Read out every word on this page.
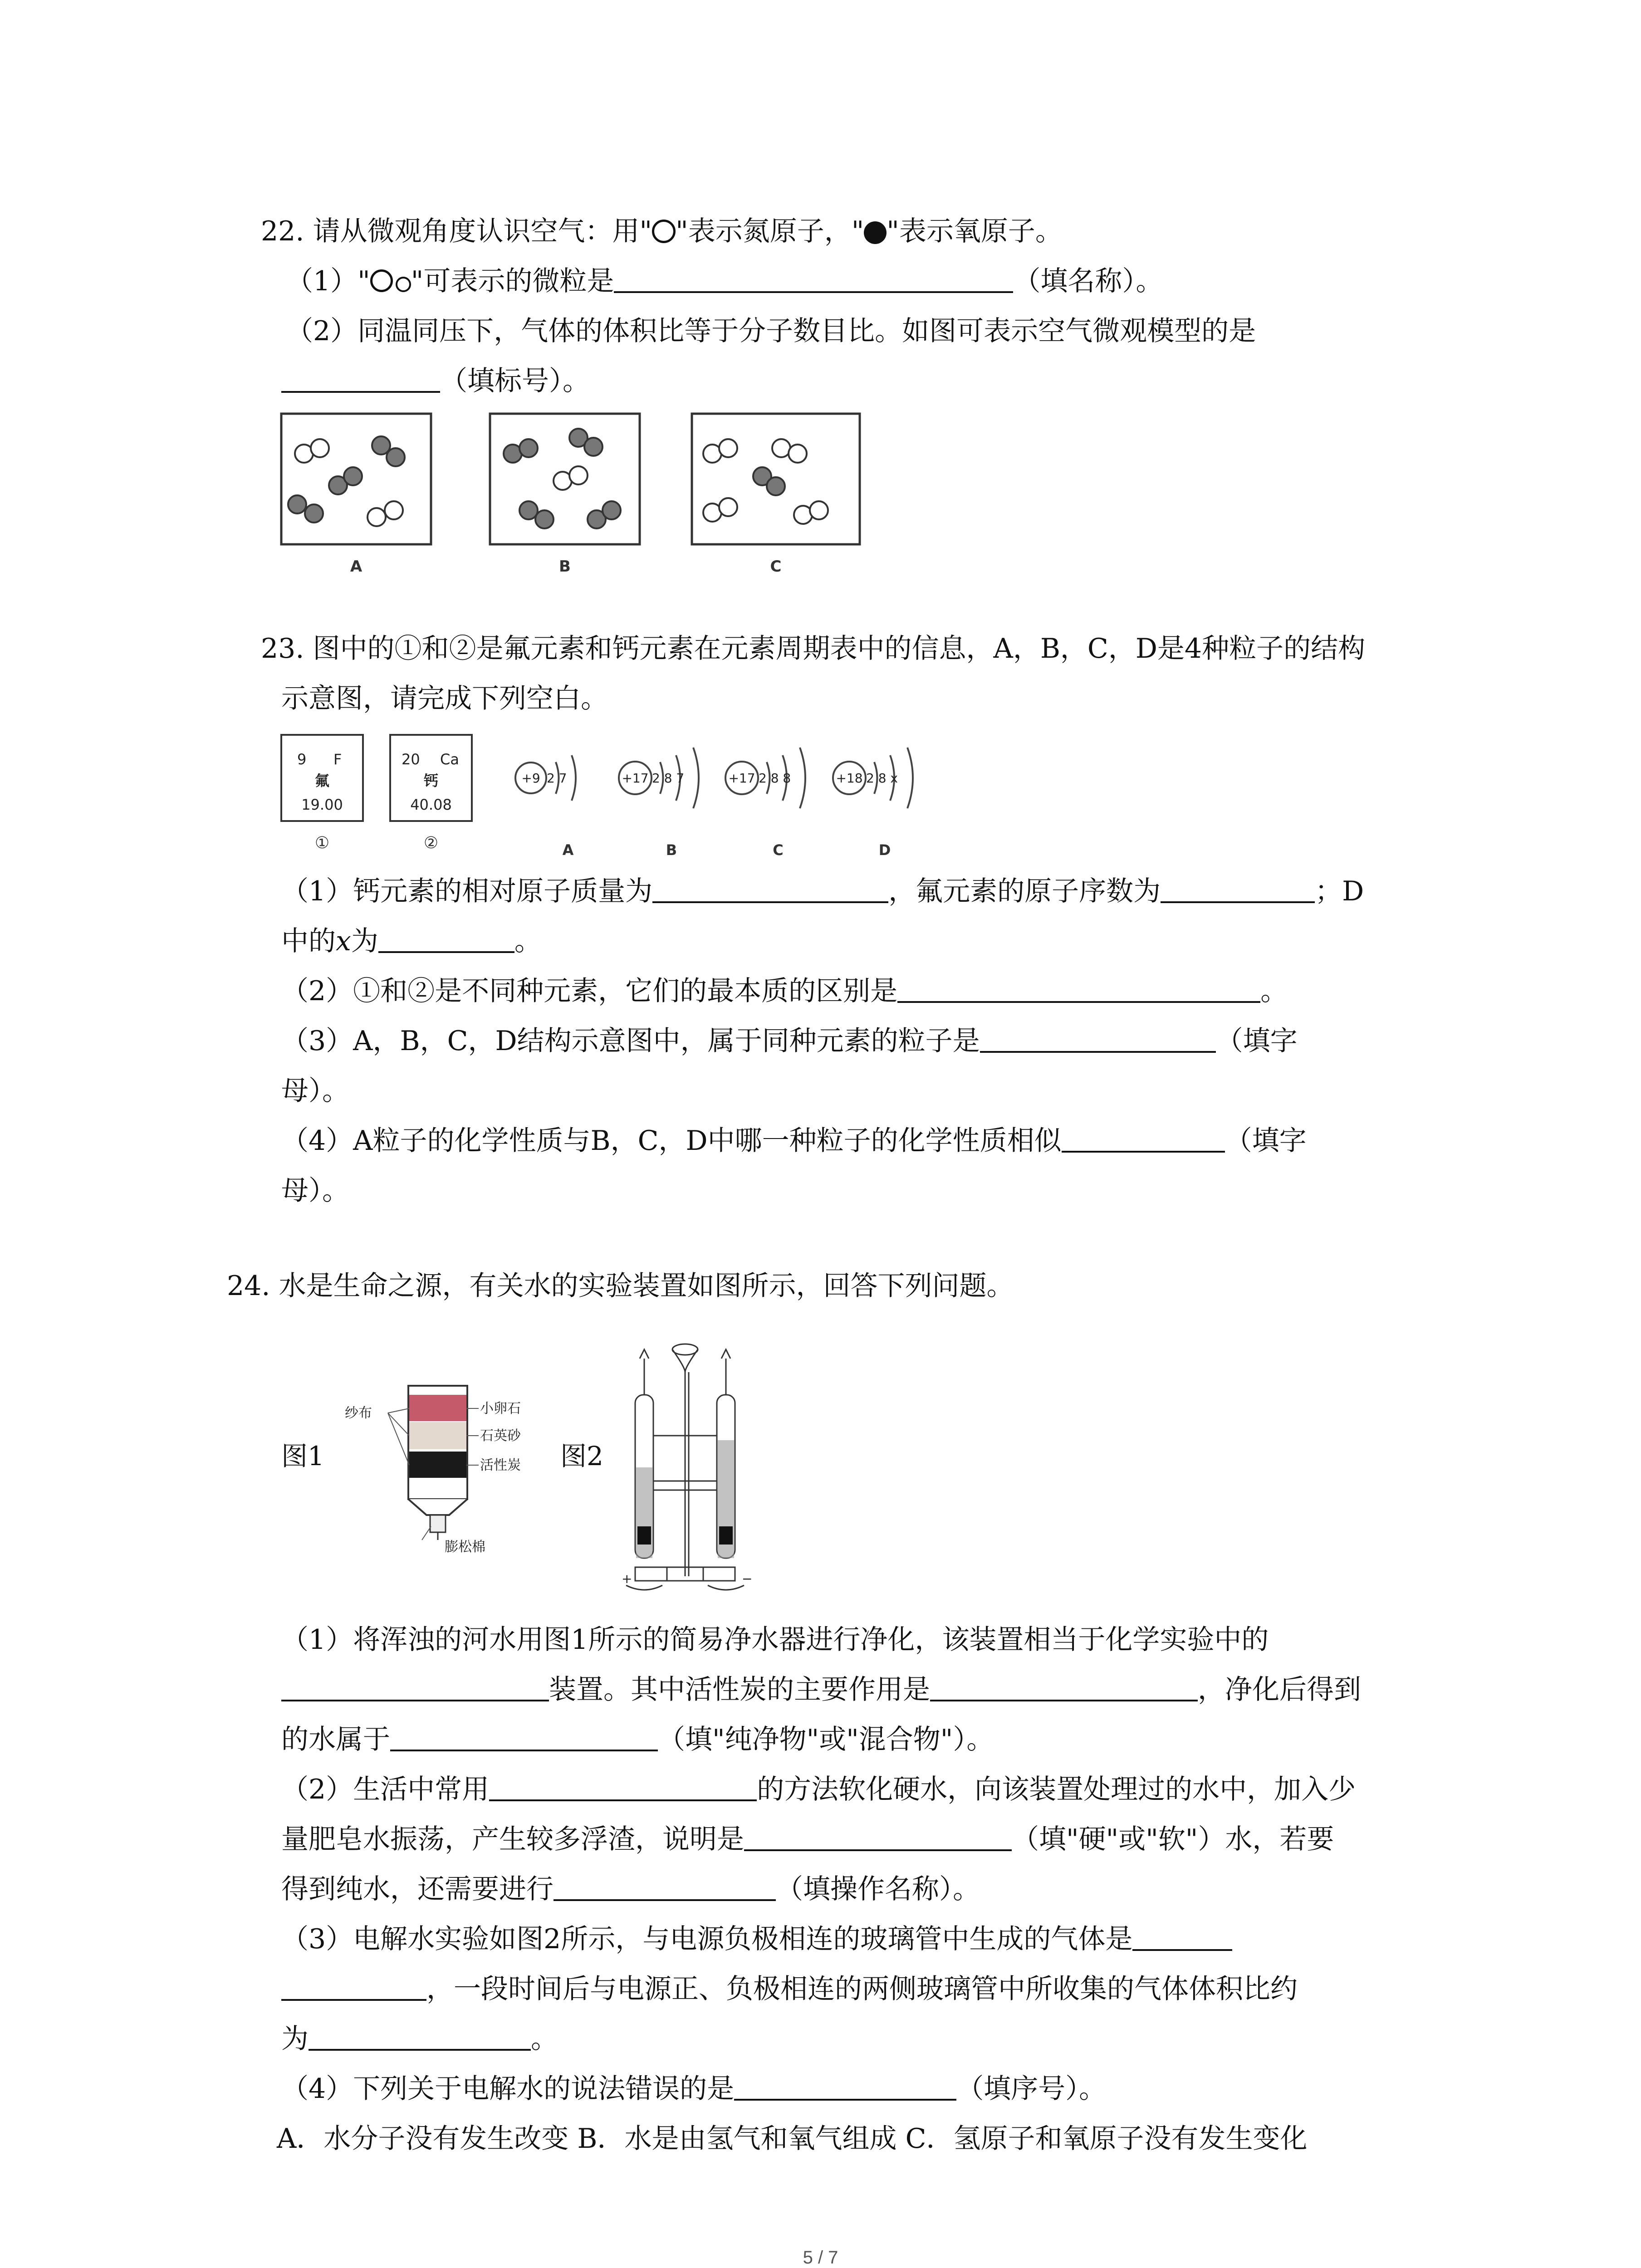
22. 请从微观角度认识空气：用" "表示氮原子，" "表示氧原子。
（1）" "可表示的微粒是	（填名称）。
（2）同温同压下，气体的体积比等于分子数目比。如图可表示空气微观模型的是
（填标号）。
A	B	C
23. 图中的①和②是氟元素和钙元素在元素周期表中的信息，A，B，C，D是4种粒子的结构
示意图，请完成下列空白。
9 F
氟
19.00
20 Ca
钙
40.08
①	②
+9 2 7	+17 2 8 7	+17 2 8 8	+18 2 8 x
A	B	C	D
（1）钙元素的相对原子质量为	，氟元素的原子序数为	；D
中的x为	。
（2）①和②是不同种元素，它们的最本质的区别是	。
（3）A，B，C，D结构示意图中，属于同种元素的粒子是	（填字
母）。
（4）A粒子的化学性质与B，C，D中哪一种粒子的化学性质相似	（填字
母）。
24. 水是生命之源，有关水的实验装置如图所示，回答下列问题。
图1	图2
纱布	小卵石
石英砂
活性炭
膨松棉
+	−
（1）将浑浊的河水用图1所示的简易净水器进行净化，该装置相当于化学实验中的
装置。其中活性炭的主要作用是	，净化后得到
的水属于	（填"纯净物"或"混合物"）。
（2）生活中常用	的方法软化硬水，向该装置处理过的水中，加入少
量肥皂水振荡，产生较多浮渣，说明是	（填"硬"或"软"）水，若要
得到纯水，还需要进行	（填操作名称）。
（3）电解水实验如图2所示，与电源负极相连的玻璃管中生成的气体是
，一段时间后与电源正、负极相连的两侧玻璃管中所收集的气体体积比约
为	。
（4）下列关于电解水的说法错误的是	（填序号）。
A．水分子没有发生改变 B．水是由氢气和氧气组成 C．氢原子和氧原子没有发生变化
5 / 7
